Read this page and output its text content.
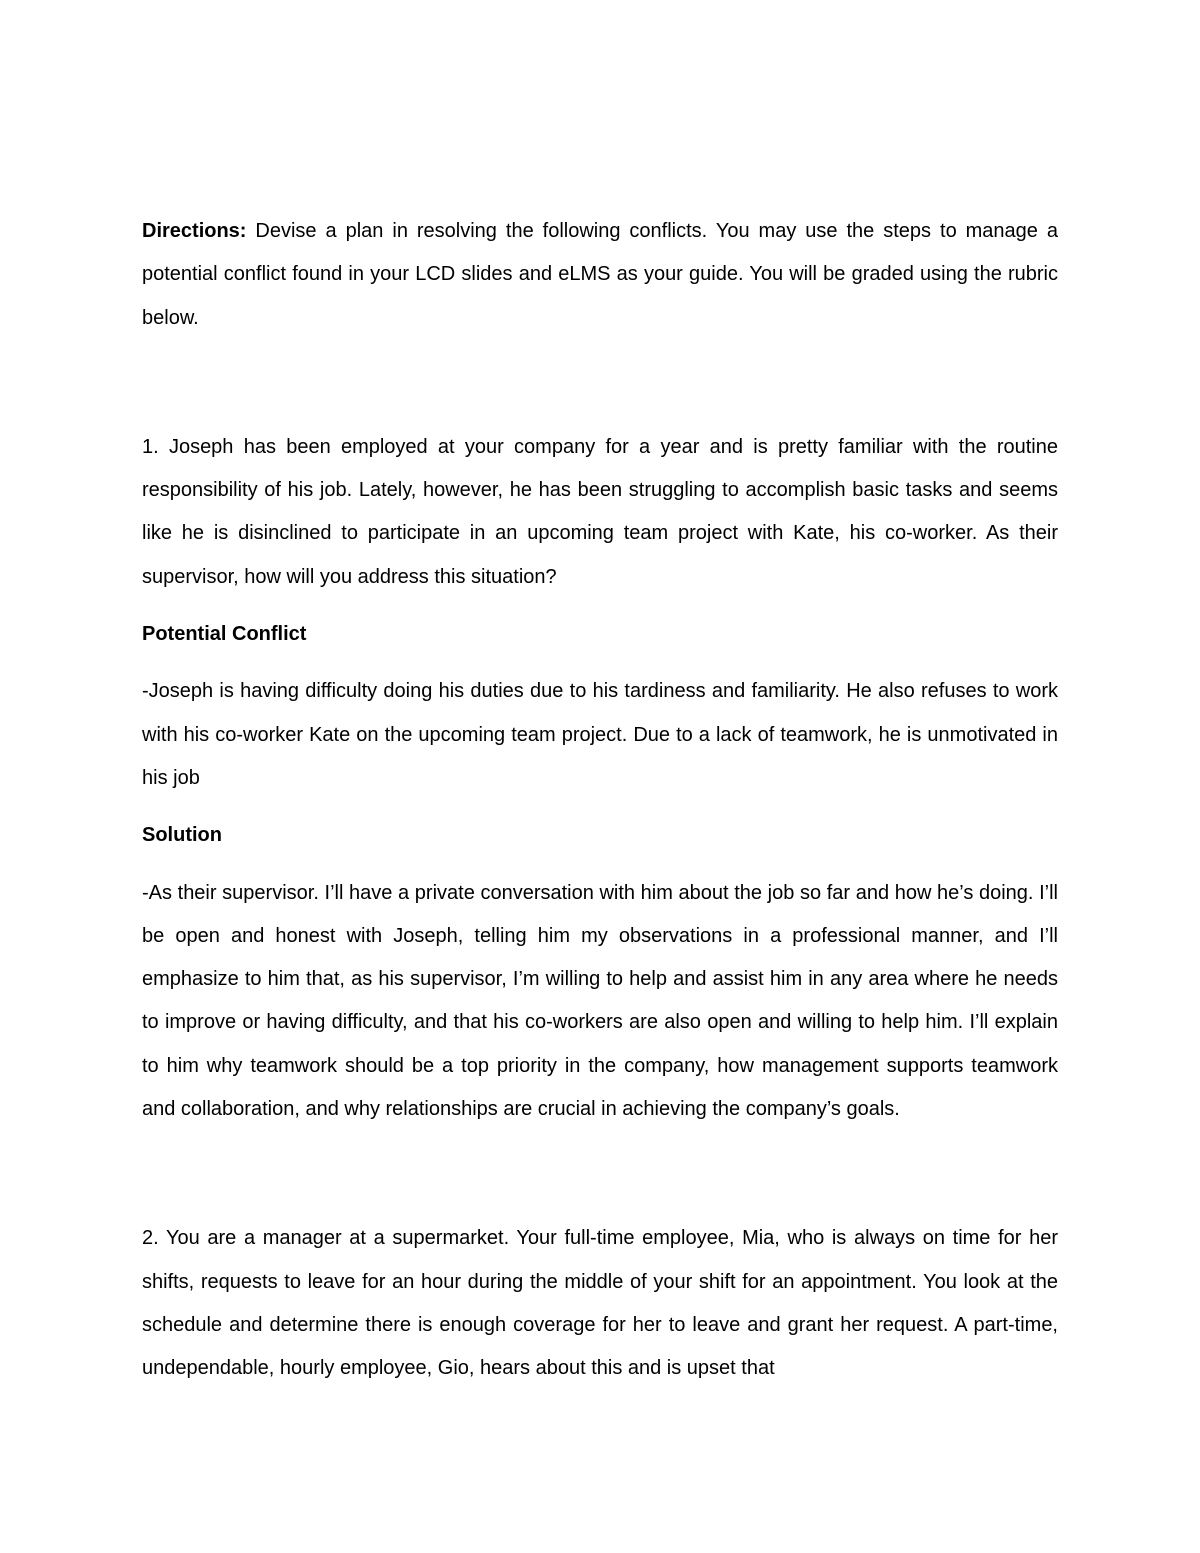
Directions: Devise a plan in resolving the following conflicts. You may use the steps to manage a potential conflict found in your LCD slides and eLMS as your guide. You will be graded using the rubric below.

1. Joseph has been employed at your company for a year and is pretty familiar with the routine responsibility of his job. Lately, however, he has been struggling to accomplish basic tasks and seems like he is disinclined to participate in an upcoming team project with Kate, his co-worker. As their supervisor, how will you address this situation?

Potential Conflict

-Joseph is having difficulty doing his duties due to his tardiness and familiarity. He also refuses to work with his co-worker Kate on the upcoming team project. Due to a lack of teamwork, he is unmotivated in his job

Solution

-As their supervisor. I’ll have a private conversation with him about the job so far and how he’s doing. I’ll be open and honest with Joseph, telling him my observations in a professional manner, and I’ll emphasize to him that, as his supervisor, I’m willing to help and assist him in any area where he needs to improve or having difficulty, and that his co-workers are also open and willing to help him. I’ll explain to him why teamwork should be a top priority in the company, how management supports teamwork and collaboration, and why relationships are crucial in achieving the company’s goals.

2. You are a manager at a supermarket. Your full-time employee, Mia, who is always on time for her shifts, requests to leave for an hour during the middle of your shift for an appointment. You look at the schedule and determine there is enough coverage for her to leave and grant her request. A part-time, undependable, hourly employee, Gio, hears about this and is upset that
